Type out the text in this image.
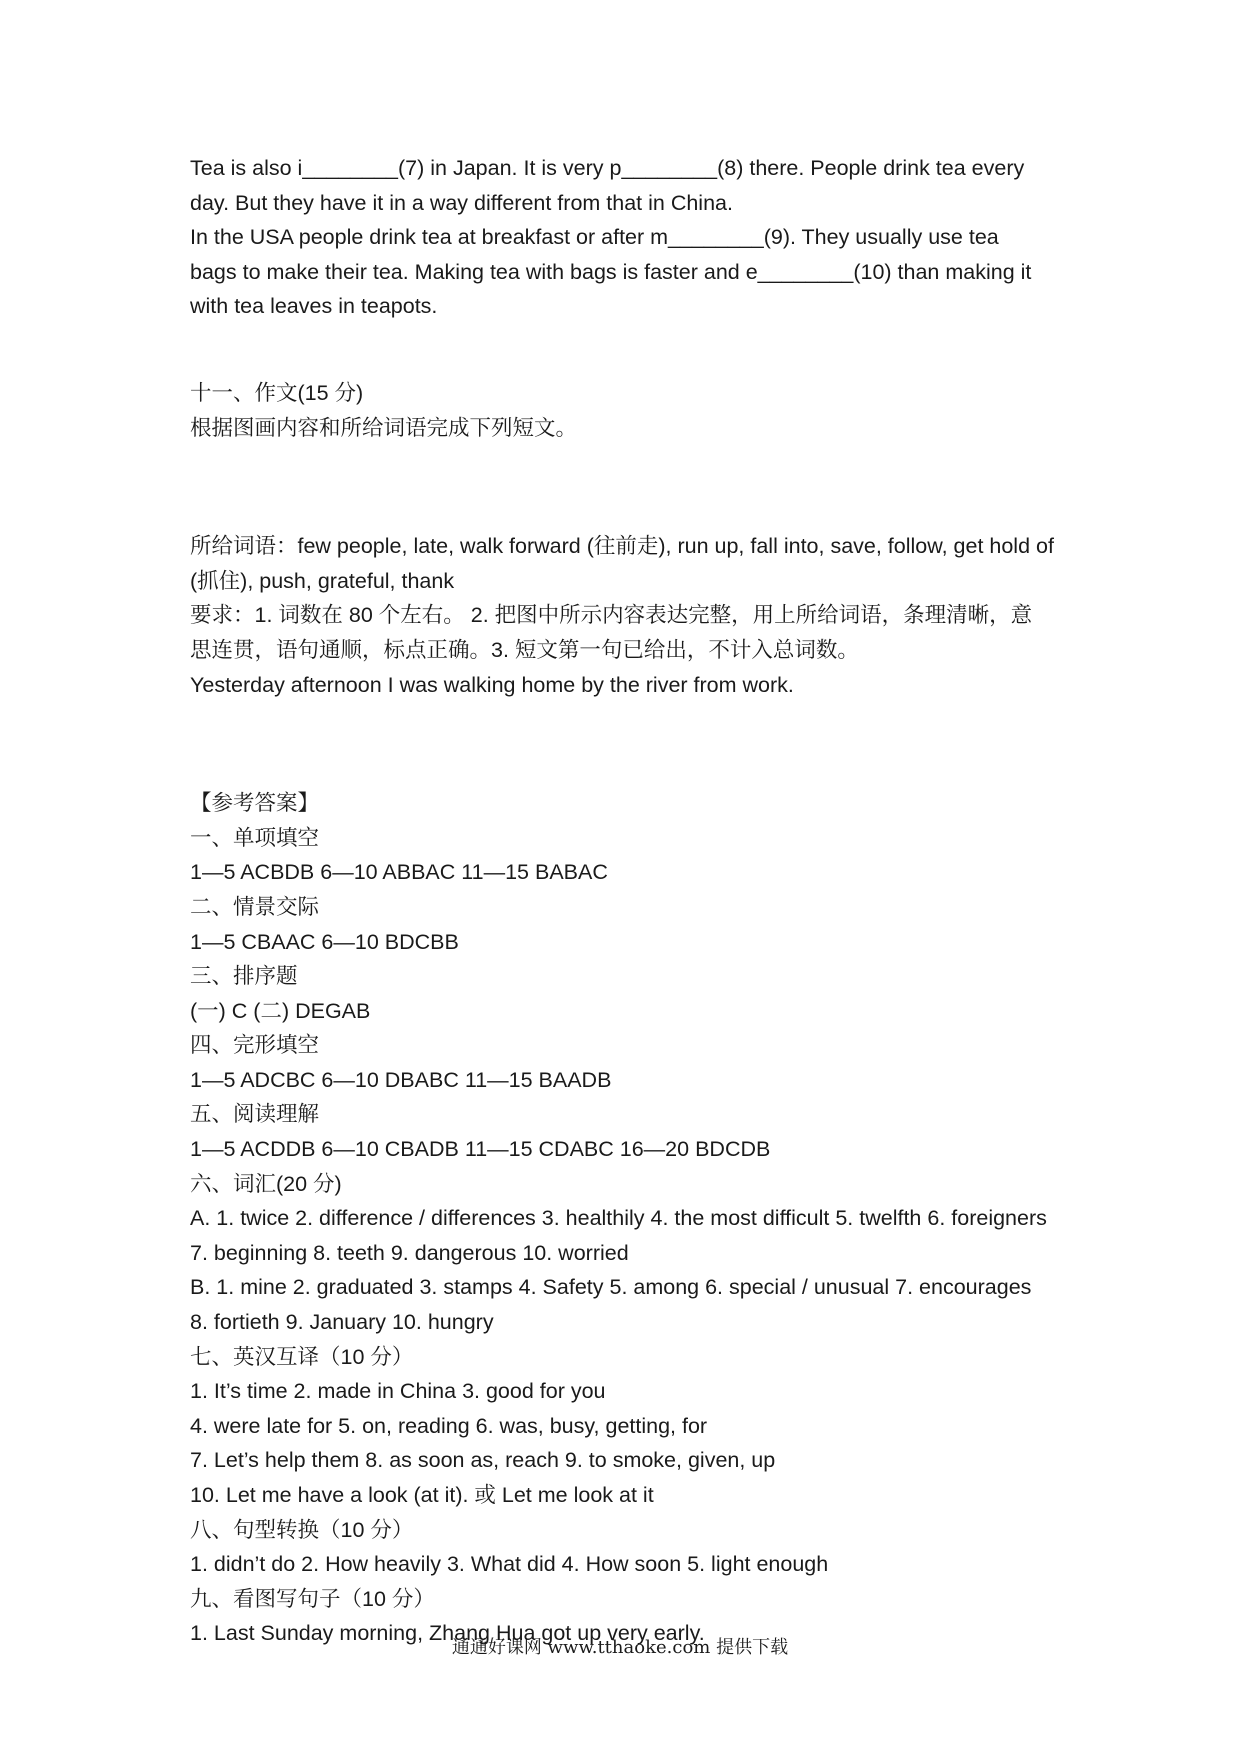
Tea is also i________(7) in Japan. It is very p________(8) there. People drink tea every
day. But they have it in a way different from that in China.
In the USA people drink tea at breakfast or after m________(9). They usually use tea
bags to make their tea. Making tea with bags is faster and e________(10) than making it
with tea leaves in teapots.
十一、作文(15 分)
根据图画内容和所给词语完成下列短文。
所给词语：few people, late, walk forward (往前走), run up, fall into, save, follow, get hold of
(抓住), push, grateful, thank
要求：1. 词数在 80 个左右。 2. 把图中所示内容表达完整，用上所给词语，条理清晰，意
思连贯，语句通顺，标点正确。3. 短文第一句已给出，不计入总词数。
Yesterday afternoon I was walking home by the river from work.
【参考答案】
一、单项填空
1—5 ACBDB 6—10 ABBAC 11—15 BABAC
二、情景交际
1—5 CBAAC 6—10 BDCBB
三、排序题
(一) C (二) DEGAB
四、完形填空
1—5 ADCBC 6—10 DBABC 11—15 BAADB
五、阅读理解
1—5 ACDDB 6—10 CBADB 11—15 CDABC 16—20 BDCDB
六、词汇(20 分)
A. 1. twice 2. difference / differences 3. healthily 4. the most difficult 5. twelfth 6. foreigners
7. beginning 8. teeth 9. dangerous 10. worried
B. 1. mine 2. graduated 3. stamps 4. Safety 5. among 6. special / unusual 7. encourages
8. fortieth 9. January 10. hungry
七、英汉互译（10 分）
1. It’s time 2. made in China 3. good for you
4. were late for 5. on, reading 6. was, busy, getting, for
7. Let’s help them 8. as soon as, reach 9. to smoke, given, up
10. Let me have a look (at it). 或 Let me look at it
八、句型转换（10 分）
1. didn’t do 2. How heavily 3. What did 4. How soon 5. light enough
九、看图写句子（10 分）
1. Last Sunday morning, Zhang Hua got up very early.
通通好课网 www.tthaoke.com 提供下载
